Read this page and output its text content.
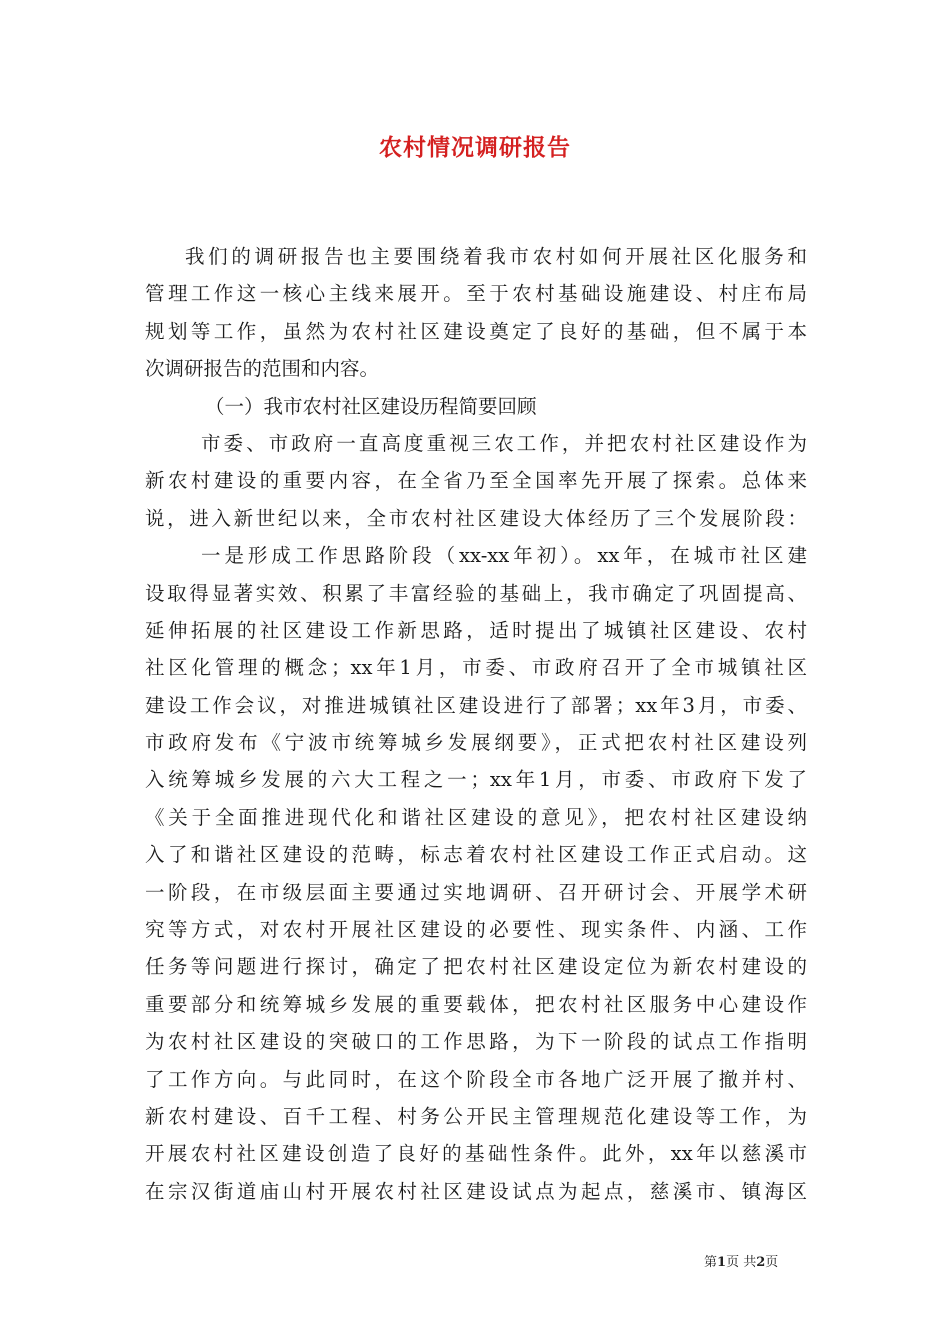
农村情况调研报告
我们的调研报告也主要围绕着我市农村如何开展社区化服务和
管理工作这一核心主线来展开。至于农村基础设施建设、村庄布局
规划等工作，虽然为农村社区建设奠定了良好的基础，但不属于本
次调研报告的范围和内容。
（一）我市农村社区建设历程简要回顾
市委、市政府一直高度重视三农工作，并把农村社区建设作为
新农村建设的重要内容，在全省乃至全国率先开展了探索。总体来
说，进入新世纪以来，全市农村社区建设大体经历了三个发展阶段：
一是形成工作思路阶段（xx-xx年初）。xx年，在城市社区建
设取得显著实效、积累了丰富经验的基础上，我市确定了巩固提高、
延伸拓展的社区建设工作新思路，适时提出了城镇社区建设、农村
社区化管理的概念；xx年1月，市委、市政府召开了全市城镇社区
建设工作会议，对推进城镇社区建设进行了部署；xx年3月，市委、
市政府发布《宁波市统筹城乡发展纲要》，正式把农村社区建设列
入统筹城乡发展的六大工程之一；xx年1月，市委、市政府下发了
《关于全面推进现代化和谐社区建设的意见》，把农村社区建设纳
入了和谐社区建设的范畴，标志着农村社区建设工作正式启动。这
一阶段，在市级层面主要通过实地调研、召开研讨会、开展学术研
究等方式，对农村开展社区建设的必要性、现实条件、内涵、工作
任务等问题进行探讨，确定了把农村社区建设定位为新农村建设的
重要部分和统筹城乡发展的重要载体，把农村社区服务中心建设作
为农村社区建设的突破口的工作思路，为下一阶段的试点工作指明
了工作方向。与此同时，在这个阶段全市各地广泛开展了撤并村、
新农村建设、百千工程、村务公开民主管理规范化建设等工作，为
开展农村社区建设创造了良好的基础性条件。此外，xx年以慈溪市
在宗汉街道庙山村开展农村社区建设试点为起点，慈溪市、镇海区
第1页 共2页
